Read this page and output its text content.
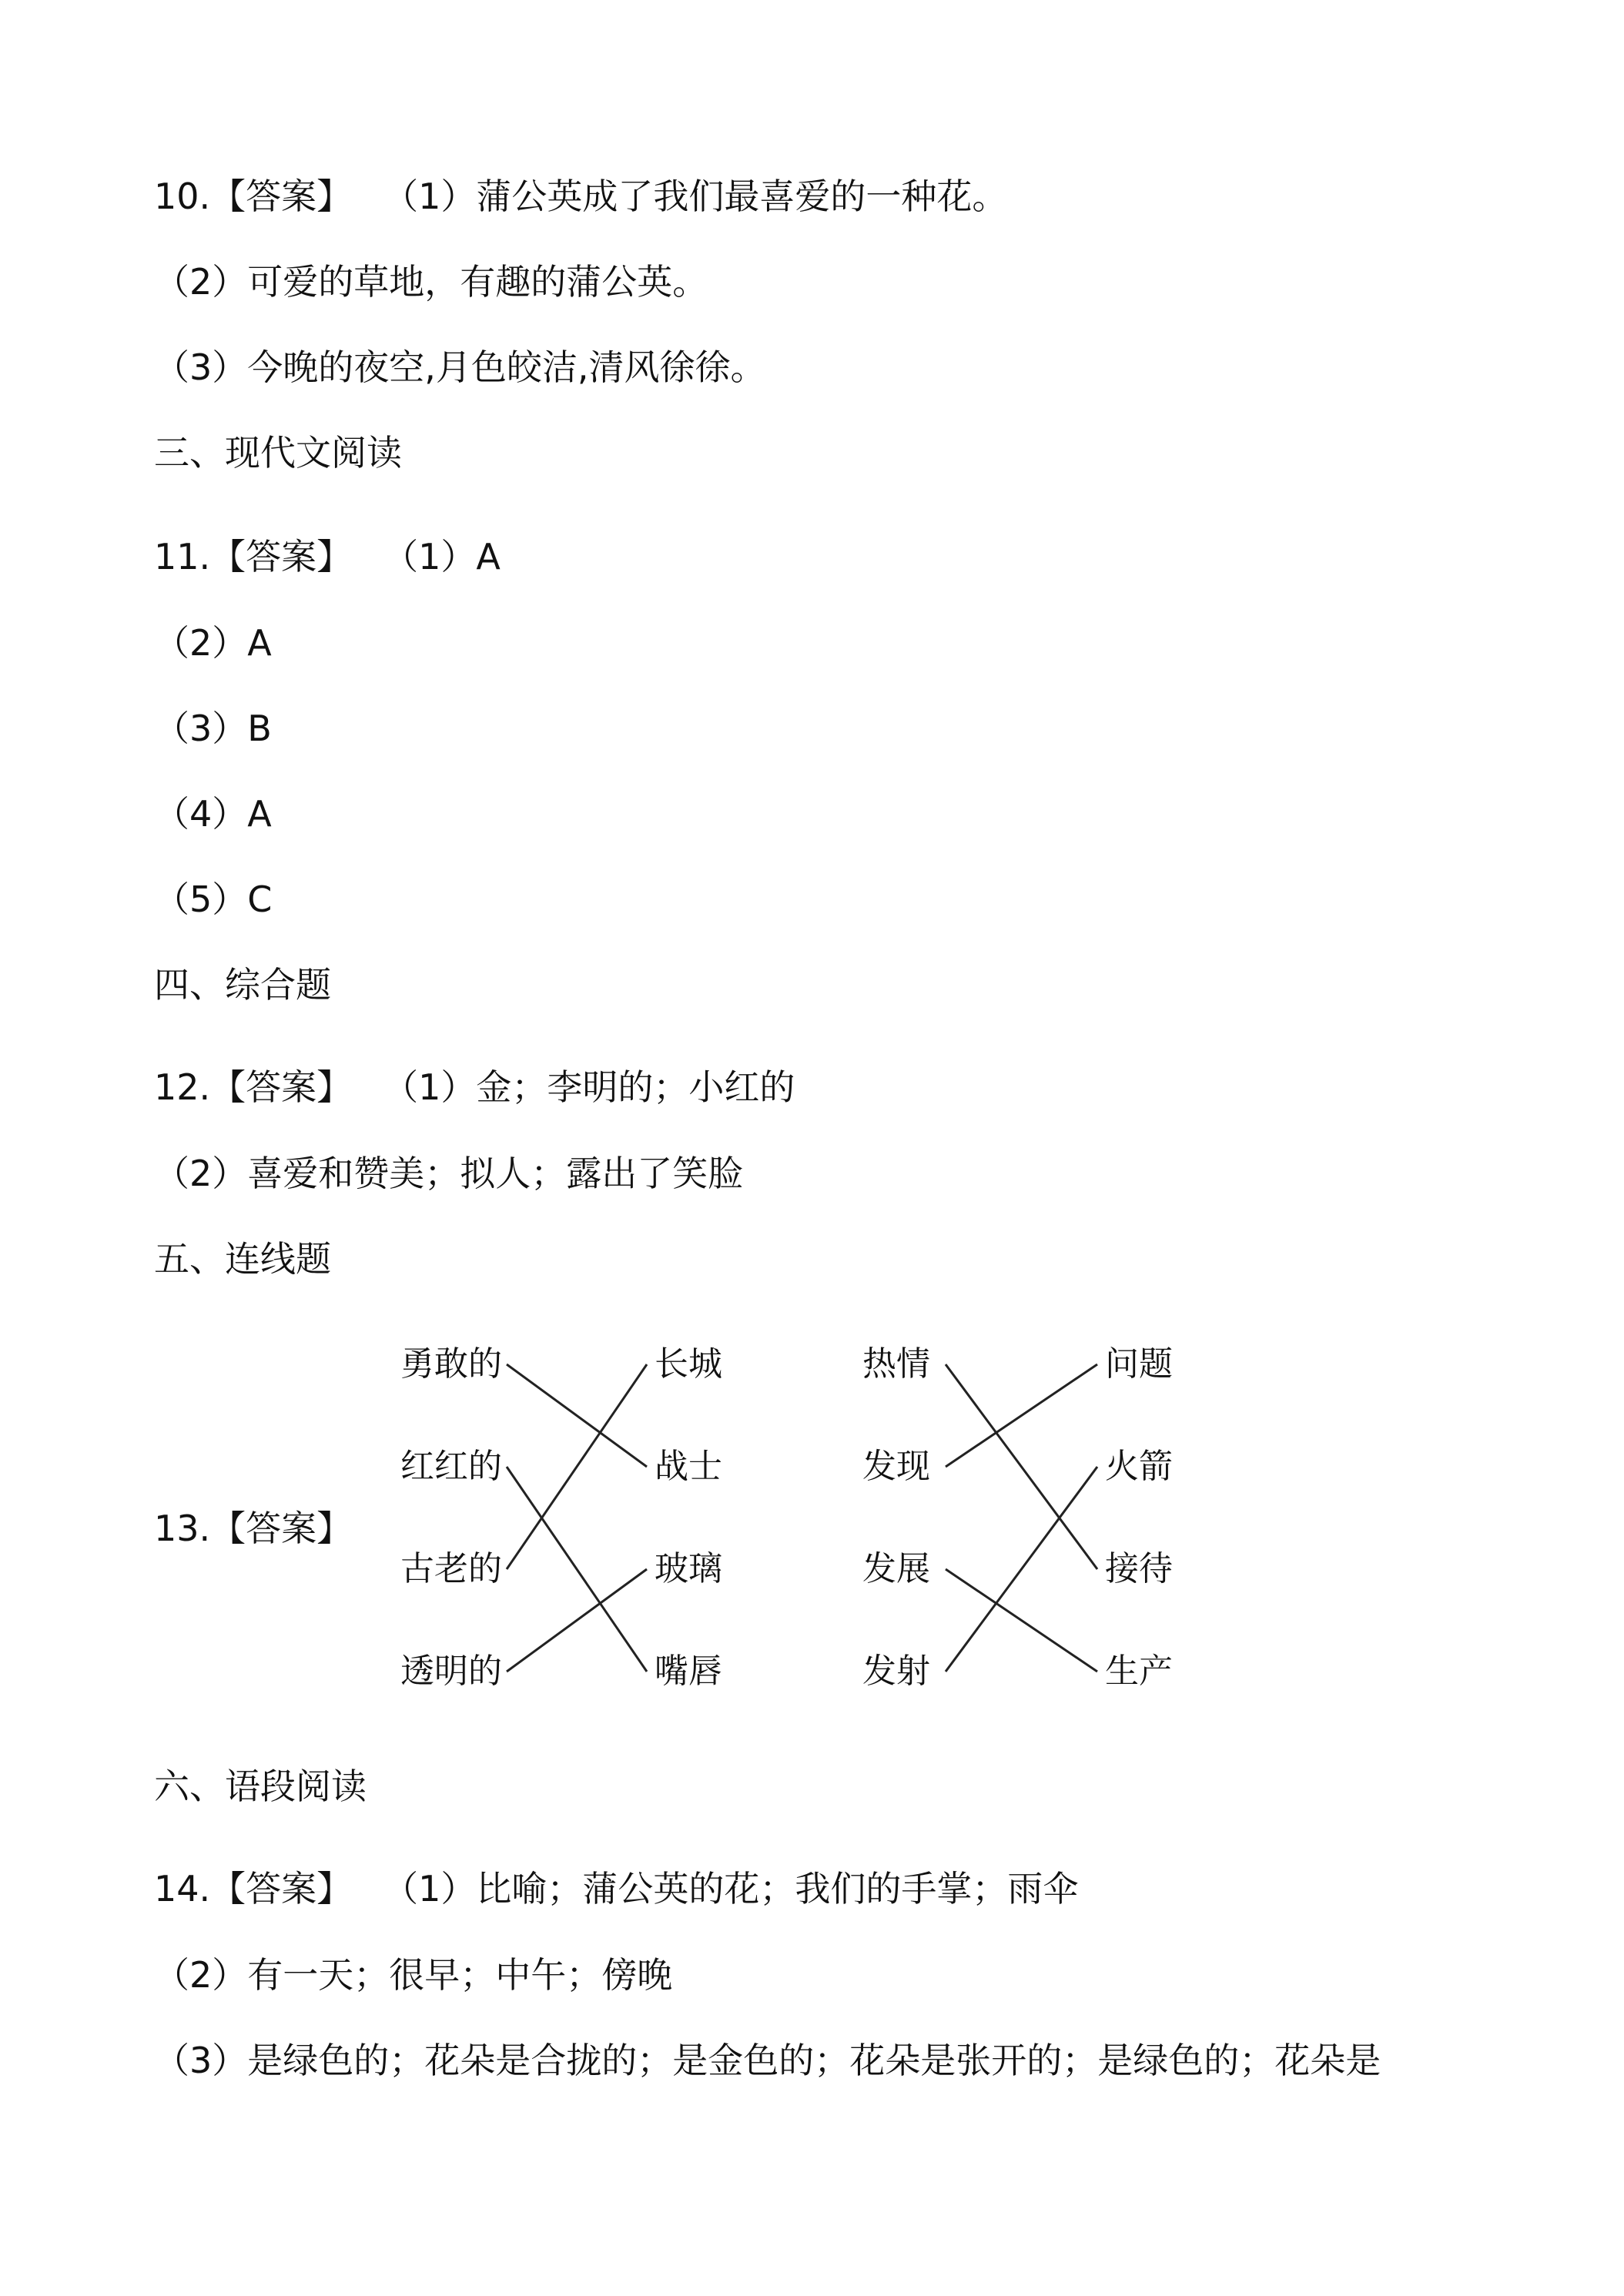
10.【答案】 （1）蒲公英成了我们最喜爱的一种花。
（2）可爱的草地，有趣的蒲公英。
（3）今晚的夜空,月色皎洁,清风徐徐。
三、现代文阅读
11.【答案】 （1）A
（2）A
（3）B
（4）A
（5）C
四、综合题
12.【答案】 （1）金；李明的；小红的
（2）喜爱和赞美；拟人；露出了笑脸
五、连线题
13.【答案】
勇敢的
红红的
古老的
透明的
长城
战士
玻璃
嘴唇
热情
发现
发展
发射
问题
火箭
接待
生产
六、语段阅读
14.【答案】 （1）比喻；蒲公英的花；我们的手掌；雨伞
（2）有一天；很早；中午；傍晚
（3）是绿色的；花朵是合拢的；是金色的；花朵是张开的；是绿色的；花朵是
